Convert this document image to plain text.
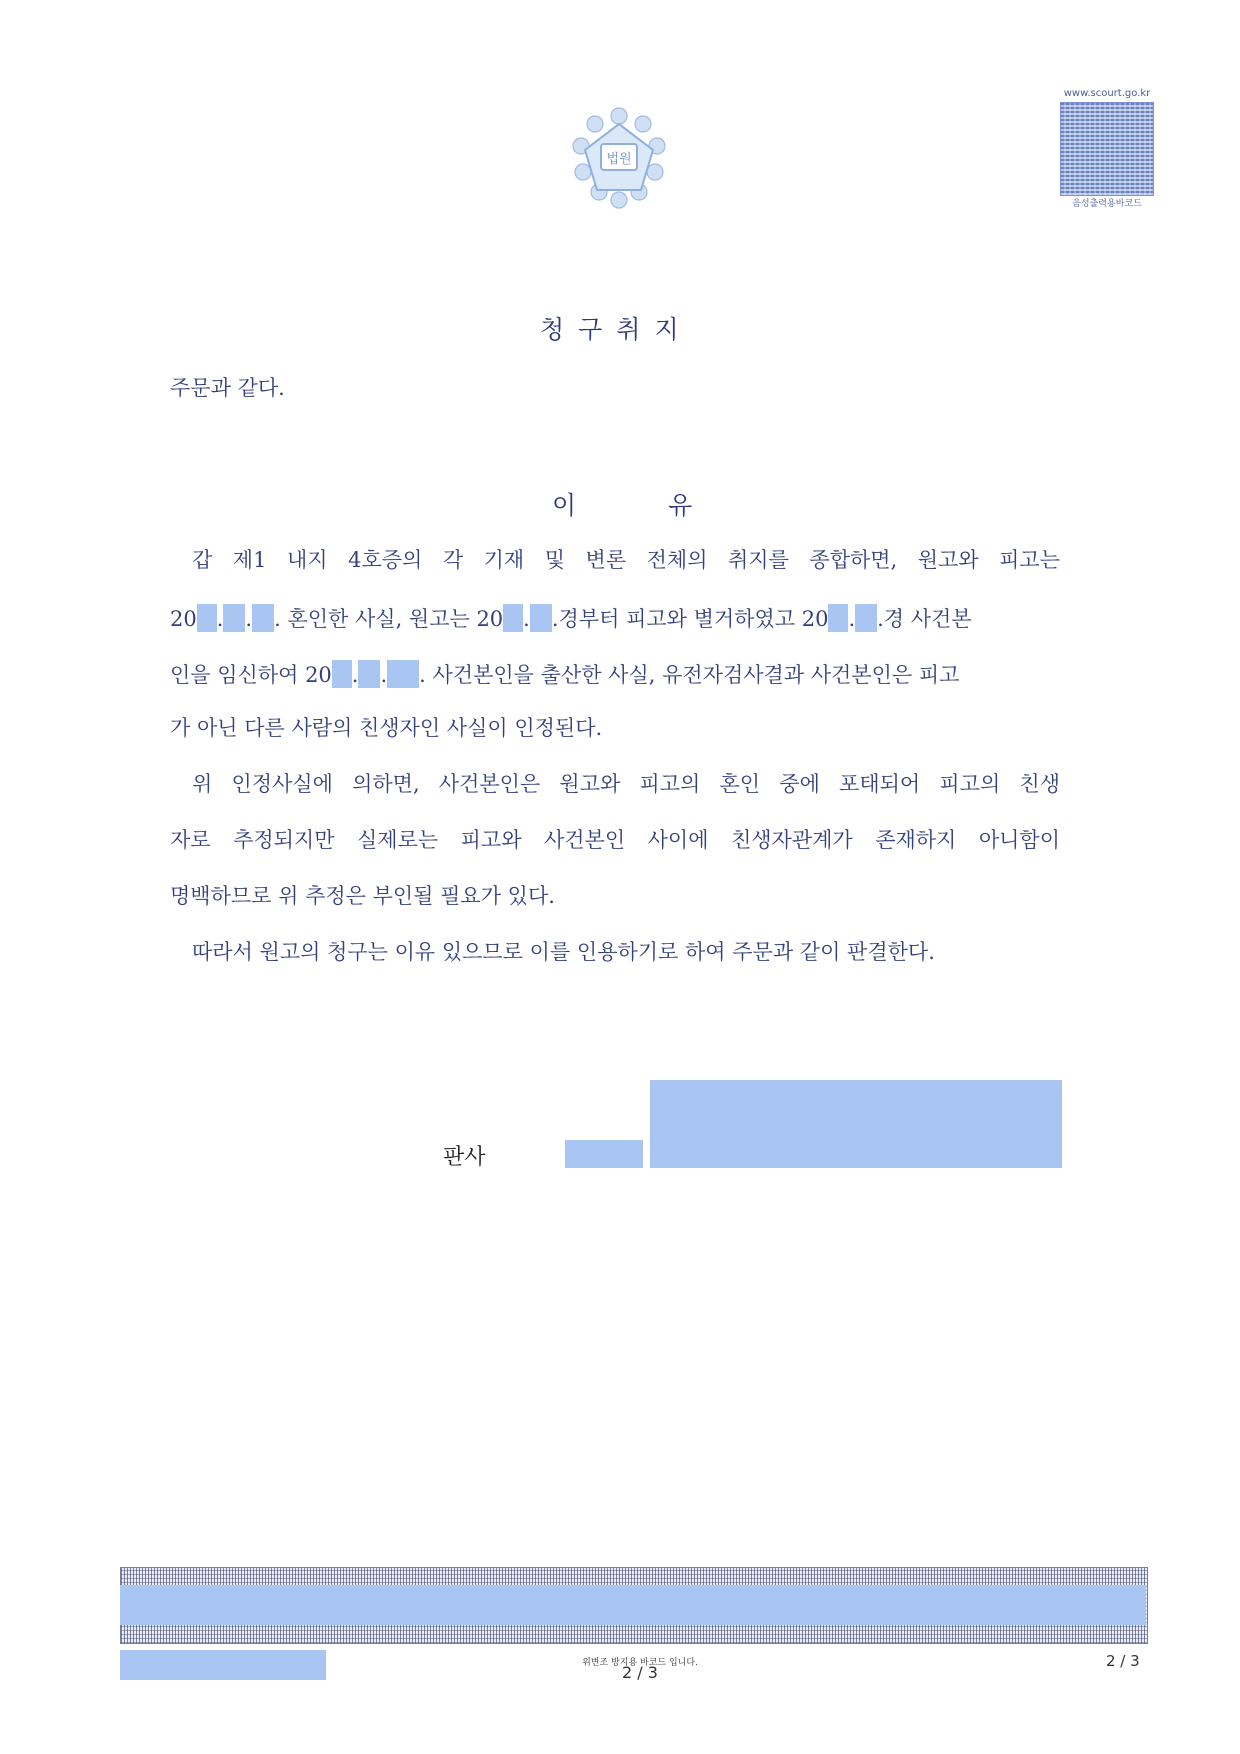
법원
www.scourt.go.kr
음성출력용바코드
청구취지
주문과 같다.
이	유
갑 제1 내지 4호증의 각 기재 및 변론 전체의 취지를 종합하면, 원고와 피고는
20 . . . 혼인한 사실, 원고는 20 . .경부터 피고와 별거하였고 20 . .경 사건본
인을 임신하여 20 . . . 사건본인을 출산한 사실, 유전자검사결과 사건본인은 피고
가 아닌 다른 사람의 친생자인 사실이 인정된다.
위 인정사실에 의하면, 사건본인은 원고와 피고의 혼인 중에 포태되어 피고의 친생
자로 추정되지만 실제로는 피고와 사건본인 사이에 친생자관계가 존재하지 아니함이
명백하므로 위 추정은 부인될 필요가 있다.
따라서 원고의 청구는 이유 있으므로 이를 인용하기로 하여 주문과 같이 판결한다.
판사
위변조 방지용 바코드 입니다.
2 / 3
2 / 3
